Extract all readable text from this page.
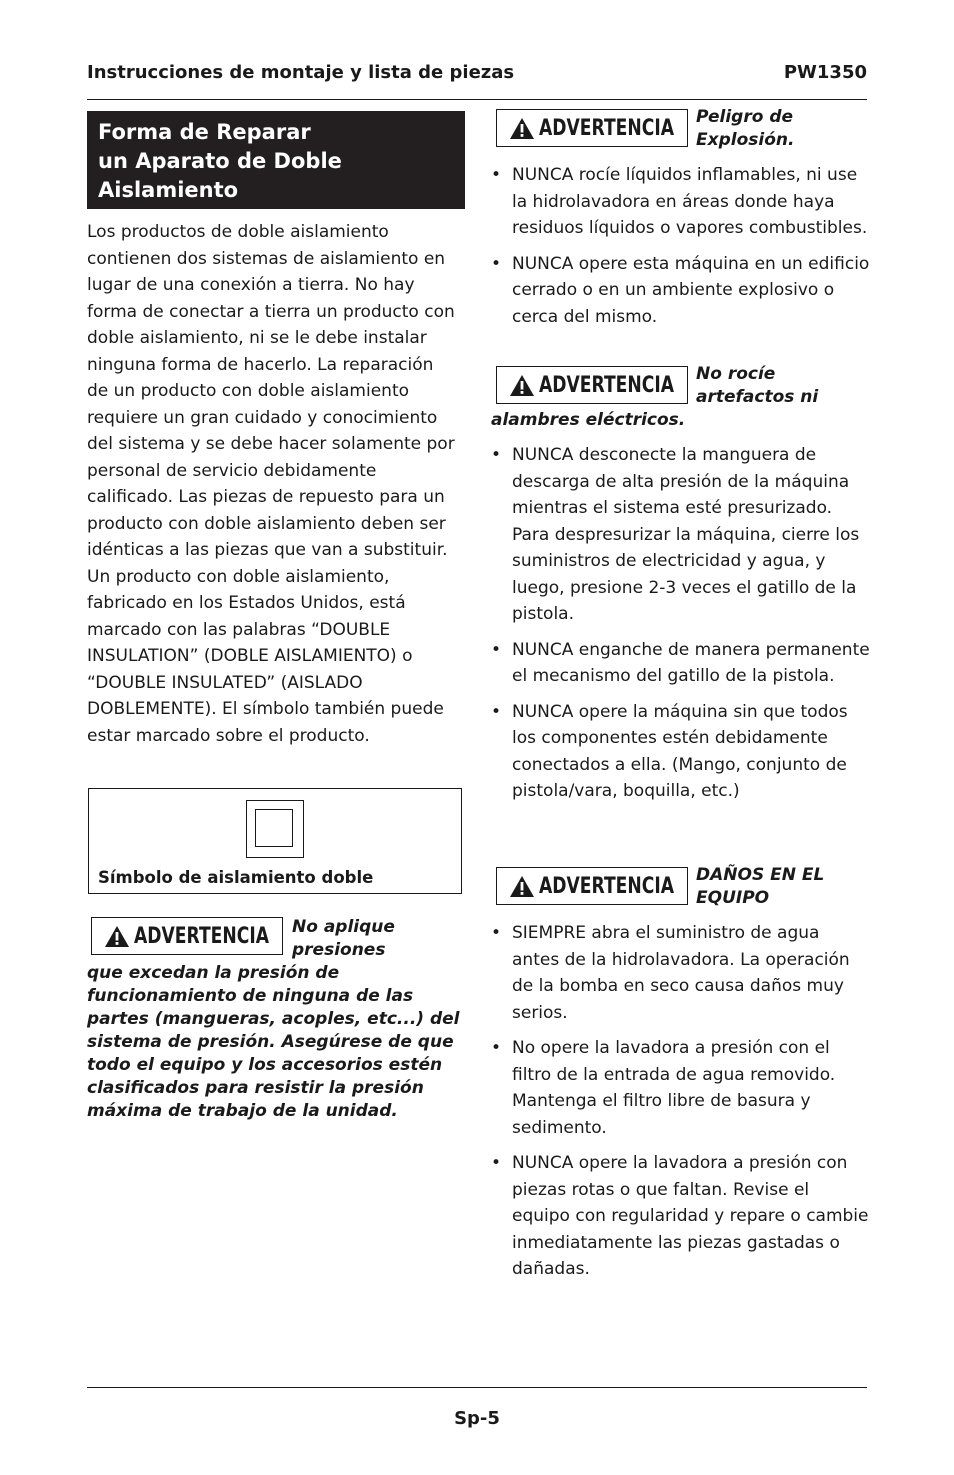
Instrucciones de montaje y lista de piezas	PW1350
Forma de Reparar
un Aparato de Doble
Aislamiento

Los productos de doble aislamiento contienen dos sistemas de aislamiento en lugar de una conexión a tierra. No hay forma de conectar a tierra un producto con doble aislamiento, ni se le debe instalar ninguna forma de hacerlo. La reparación de un producto con doble aislamiento requiere un gran cuidado y conocimiento del sistema y se debe hacer solamente por personal de servicio debidamente calificado. Las piezas de repuesto para un producto con doble aislamiento deben ser idénticas a las piezas que van a substituir. Un producto con doble aislamiento, fabricado en los Estados Unidos, está marcado con las palabras “DOUBLE INSULATION” (DOBLE AISLAMIENTO) o “DOUBLE INSULATED” (AISLADO DOBLEMENTE). El símbolo también puede estar marcado sobre el producto.

Símbolo de aislamiento doble
ADVERTENCIA No aplique
presiones

que excedan la presión de funcionamiento de ninguna de las partes (mangueras, acoples, etc...) del sistema de presión. Asegúrese de que todo el equipo y los accesorios estén clasificados para resistir la presión máxima de trabajo de la unidad.

ADVERTENCIA Peligro de
Explosión.
• NUNCA rocíe líquidos inflamables, ni use la hidrolavadora en áreas donde haya residuos líquidos o vapores combustibles.
• NUNCA opere esta máquina en un edificio cerrado o en un ambiente explosivo o cerca del mismo.
ADVERTENCIA No rocíe
artefactos ni
alambres eléctricos.
• NUNCA desconecte la manguera de descarga de alta presión de la máquina mientras el sistema esté presurizado. Para despresurizar la máquina, cierre los suministros de electricidad y agua, y luego, presione 2-3 veces el gatillo de la pistola.
• NUNCA enganche de manera permanente el mecanismo del gatillo de la pistola.
• NUNCA opere la máquina sin que todos los componentes estén debidamente conectados a ella. (Mango, conjunto de pistola/vara, boquilla, etc.)
ADVERTENCIA DAÑOS EN EL
EQUIPO
• SIEMPRE abra el suministro de agua antes de la hidrolavadora. La operación de la bomba en seco causa daños muy serios.
• No opere la lavadora a presión con el filtro de la entrada de agua removido. Mantenga el filtro libre de basura y sedimento.
• NUNCA opere la lavadora a presión con piezas rotas o que faltan. Revise el equipo con regularidad y repare o cambie inmediatamente las piezas gastadas o dañadas.
Sp-5
